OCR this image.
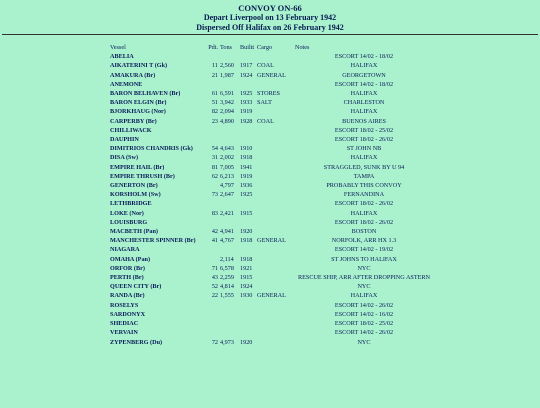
CONVOY ON-66
Depart Liverpool on 13 February 1942
Dispersed Off Halifax on 26 February 1942
Vessel	Pdt.	Tons	Builtt	Cargo	Notes
ABELIA					ESCORT 14/02 - 18/02
AIKATERINI T (Gk)	11	2,560	1917	COAL	HALIFAX
AMAKURA (Br)	21	1,987	1924	GENERAL	GEORGETOWN
ANEMONE					ESCORT 14/02 - 18/02
BARON BELHAVEN (Br)	61	6,591	1925	STORES	HALIFAX
BARON ELGIN (Br)	51	3,942	1933	SALT	CHARLESTON
BJORKHAUG (Nor)	82	2,094	1919		HALIFAX
CARPERBY (Br)	23	4,890	1928	COAL	BUENOS AIRES
CHILLIWACK					ESCORT 18/02 - 25/02
DAUPHIN					ESCORT 18/02 - 26/02
DIMITRIOS CHANDRIS (Gk)	54	4,643	1910		ST JOHN NB
DISA (Sw)	31	2,002	1918		HALIFAX
EMPIRE HAIL (Br)	81	7,005	1941		STRAGGLED, SUNK BY U 94
EMPIRE THRUSH (Br)	62	6,213	1919		TAMPA
GENERTON (Br)		4,797	1936		PROBABLY THIS CONVOY
KORSHOLM (Sw)	73	2,647	1925		FERNANDINA
LETHBRIDGE					ESCORT 18/02 - 26/02
LOKE (Nor)	83	2,421	1915		HALIFAX
LOUISBURG					ESCORT 18/02 - 26/02
MACBETH (Pan)	42	4,941	1920		BOSTON
MANCHESTER SPINNER (Br)	41	4,767	1918	GENERAL	NORFOLK, ARR HX 1.3
NIAGARA					ESCORT 14/02 - 19/02
OMAHA (Pan)		2,114	1918		ST JOHNS TO HALIFAX
ORFOR (Br)	71	6,578	1921		NYC
PERTH (Br)	43	2,259	1915		RESCUE SHIP, ARR AFTER DROPPING ASTERN
QUEEN CITY (Br)	52	4,814	1924		NYC
RANDA (Br)	22	1,555	1930	GENERAL	HALIFAX
ROSELYS					ESCORT 14/02 - 26/02
SARDONYX					ESCORT 14/02 - 16/02
SHEDIAC					ESCORT 18/02 - 25/02
VERVAIN					ESCORT 14/02 - 26/02
ZYPENBERG (Du)	72	4,973	1920		NYC
